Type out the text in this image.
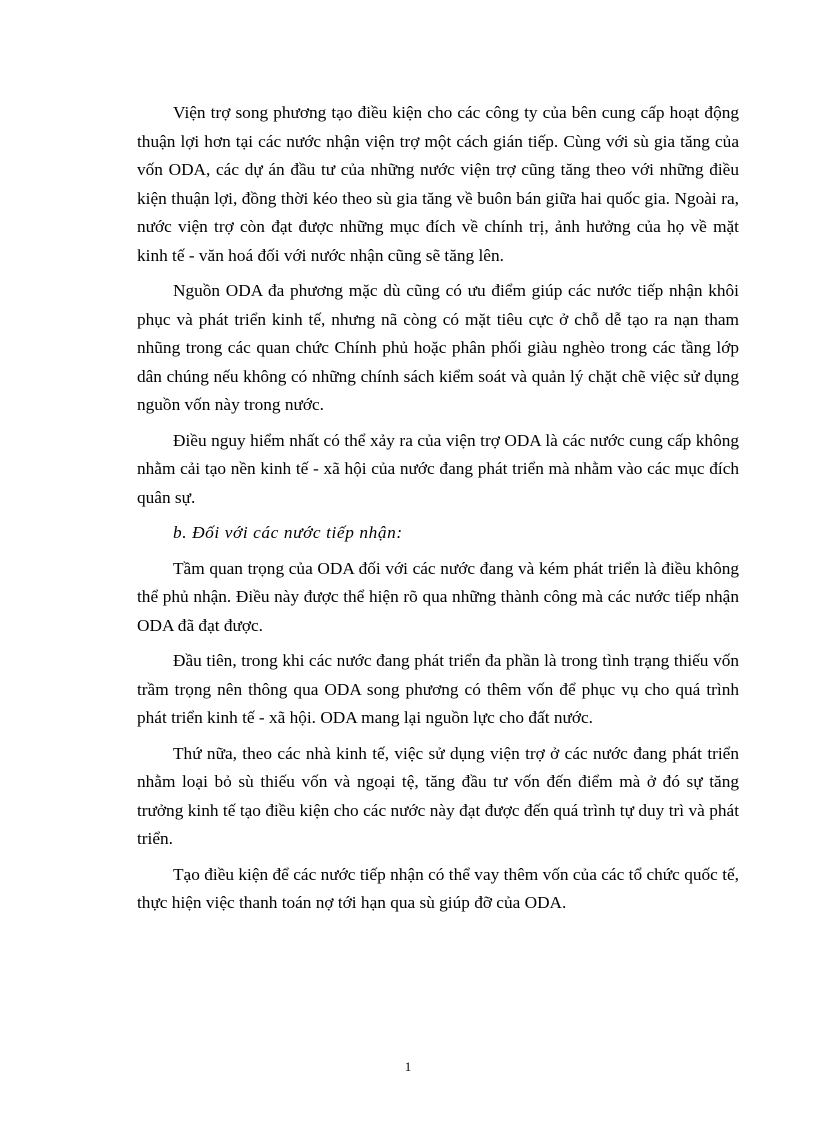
Viện trợ song phương tạo điều kiện cho các công ty của bên cung cấp hoạt động thuận lợi hơn tại các nước nhận viện trợ một cách gián tiếp. Cùng với sù gia tăng của vốn ODA, các dự án đầu tư của những nước viện trợ cũng tăng theo với những điều kiện thuận lợi, đồng thời kéo theo sù gia tăng về buôn bán giữa hai quốc gia. Ngoài ra, nước viện trợ còn đạt được những mục đích về chính trị, ảnh hưởng của họ về mặt kinh tế - văn hoá đối với nước nhận cũng sẽ tăng lên.

Nguồn ODA đa phương mặc dù cũng có ưu điểm giúp các nước tiếp nhận khôi phục và phát triển kinh tế, nhưng nã còng có mặt tiêu cực ở chỗ dễ tạo ra nạn tham nhũng trong các quan chức Chính phủ hoặc phân phối giàu nghèo trong các tầng lớp dân chúng nếu không có những chính sách kiểm soát và quản lý chặt chẽ việc sử dụng nguồn vốn này trong nước.

Điều nguy hiểm nhất có thể xảy ra của viện trợ ODA là các nước cung cấp không nhằm cải tạo nền kinh tế - xã hội của nước đang phát triển mà nhằm vào các mục đích quân sự.

b. Đối với các nước tiếp nhận:

Tầm quan trọng của ODA đối với các nước đang và kém phát triển là điều không thể phủ nhận. Điều này được thể hiện rõ qua những thành công mà các nước tiếp nhận ODA đã đạt được.

Đầu tiên, trong khi các nước đang phát triển đa phần là trong tình trạng thiếu vốn trầm trọng nên thông qua ODA song phương có thêm vốn để phục vụ cho quá trình phát triển kinh tế - xã hội. ODA mang lại nguồn lực cho đất nước.

Thứ nữa, theo các nhà kinh tế, việc sử dụng viện trợ ở các nước đang phát triển nhằm loại bỏ sù thiếu vốn và ngoại tệ, tăng đầu tư vốn đến điểm mà ở đó sự tăng trưởng kinh tế tạo điều kiện cho các nước này đạt được đến quá trình tự duy trì và phát triển.

Tạo điều kiện để các nước tiếp nhận có thể vay thêm vốn của các tổ chức quốc tế, thực hiện việc thanh toán nợ tới hạn qua sù giúp đỡ của ODA.

1
